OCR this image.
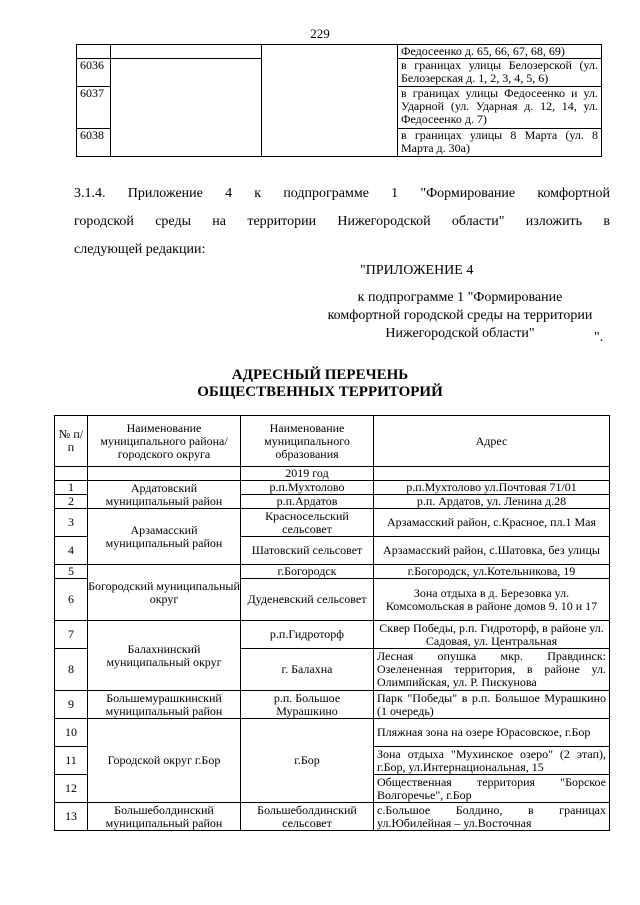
229
			Федосеенко д. 65, 66, 67, 68, 69)
6036			в границах улицы Белозерской (ул. Белозерская д. 1, 2, 3, 4, 5, 6)
6037			в границах улицы Федосеенко и ул. Ударной (ул. Ударная д. 12, 14, ул. Федосеенко д. 7)
6038			в границах улицы 8 Марта (ул. 8 Марта д. 30а)
3.1.4. Приложение 4 к подпрограмме 1 "Формирование комфортной
городской среды на территории Нижегородской области" изложить в
следующей редакции:
"ПРИЛОЖЕНИЕ 4
к подпрограмме 1 "Формирование комфортной городской среды на территории Нижегородской области"	".
АДРЕСНЫЙ ПЕРЕЧЕНЬ
ОБЩЕСТВЕННЫХ ТЕРРИТОРИЙ
№ п/п	Наименование муниципального района/ городского округа	Наименование муниципального образования	Адрес
		2019 год	
1	Ардатовский муниципальный район	р.п.Мухтолово	р.п.Мухтолово ул.Почтовая 71/01
2		р.п.Ардатов	р.п. Ардатов, ул. Ленина д.28
3	Арзамасский муниципальный район	Красносельский сельсовет	Арзамасский район, с.Красное, пл.1 Мая
4		Шатовский сельсовет	Арзамасский район, с.Шатовка, без улицы
5	Богородский муниципальный округ	г.Богородск	г.Богородск, ул.Котельникова, 19
6		Дуденевский сельсовет	Зона отдыха в д. Березовка ул. Комсомольская в районе домов 9. 10 и 17
7	Балахнинский муниципальный округ	р.п.Гидроторф	Сквер Победы, р.п. Гидроторф, в районе ул. Садовая, ул. Центральная
8		г. Балахна	Лесная опушка мкр. Правдинск: Озелененная территория, в районе ул. Олимпийская, ул. Р. Пискунова
9	Большемурашкинский муниципальный район	р.п. Большое Мурашкино	Парк "Победы" в р.п. Большое Мурашкино (1 очередь)
10	Городской округ г.Бор	г.Бор	Пляжная зона на озере Юрасовское, г.Бор
11			Зона отдыха "Мухинское озеро" (2 этап), г.Бор, ул.Интернациональная, 15
12			Общественная территория "Борское Волгоречье", г.Бор
13	Большеболдинский муниципальный район	Большеболдинский сельсовет	с.Большое Болдино, в границах ул.Юбилейная – ул.Восточная
